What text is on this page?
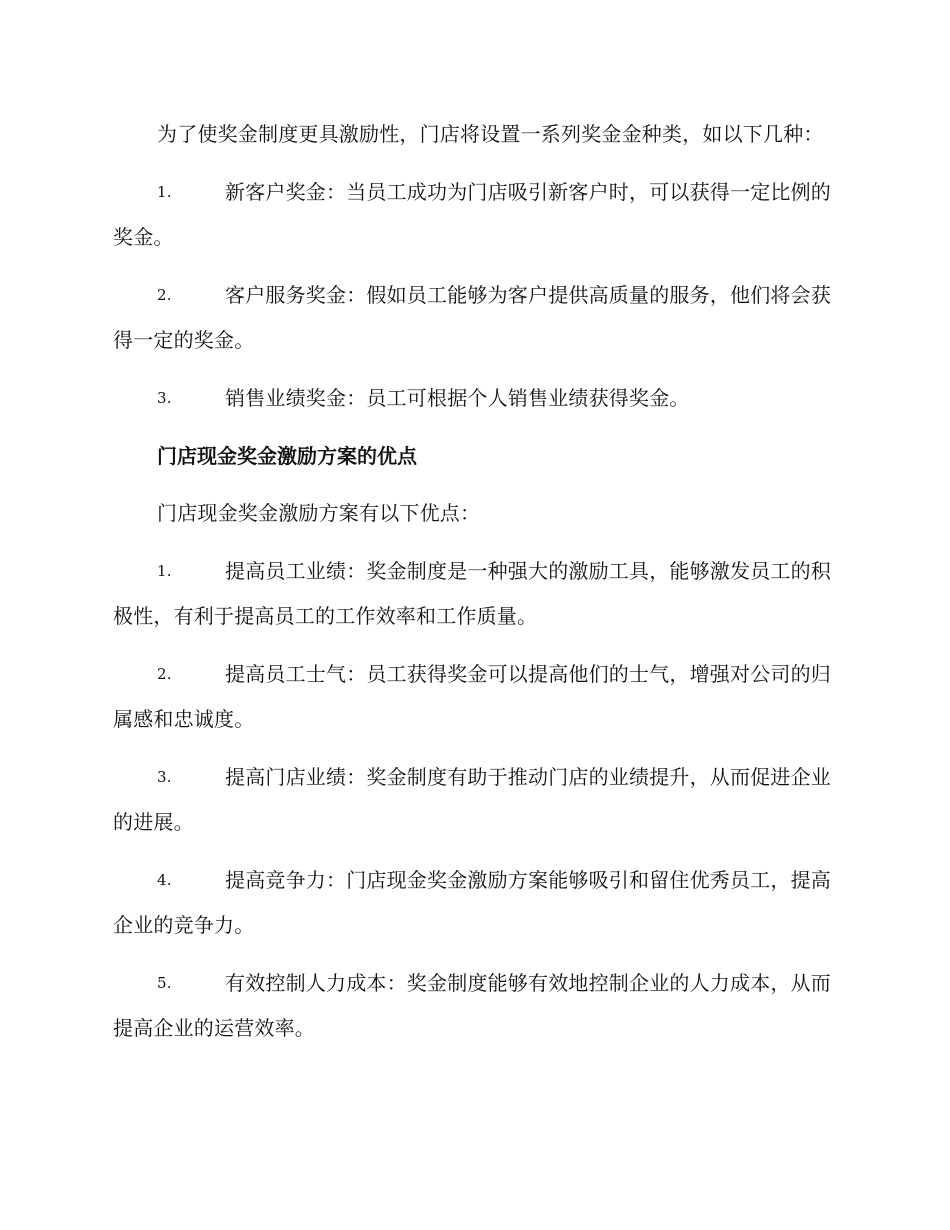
为了使奖金制度更具激励性，门店将设置一系列奖金金种类，如以下几种：

1.	新客户奖金：当员工成功为门店吸引新客户时，可以获得一定比例的奖金。
2.	客户服务奖金：假如员工能够为客户提供高质量的服务，他们将会获得一定的奖金。
3.	销售业绩奖金：员工可根据个人销售业绩获得奖金。

门店现金奖金激励方案的优点

门店现金奖金激励方案有以下优点：

1.	提高员工业绩：奖金制度是一种强大的激励工具，能够激发员工的积极性，有利于提高员工的工作效率和工作质量。
2.	提高员工士气：员工获得奖金可以提高他们的士气，增强对公司的归属感和忠诚度。
3.	提高门店业绩：奖金制度有助于推动门店的业绩提升，从而促进企业的进展。
4.	提高竞争力：门店现金奖金激励方案能够吸引和留住优秀员工，提高企业的竞争力。
5.	有效控制人力成本：奖金制度能够有效地控制企业的人力成本，从而提高企业的运营效率。
